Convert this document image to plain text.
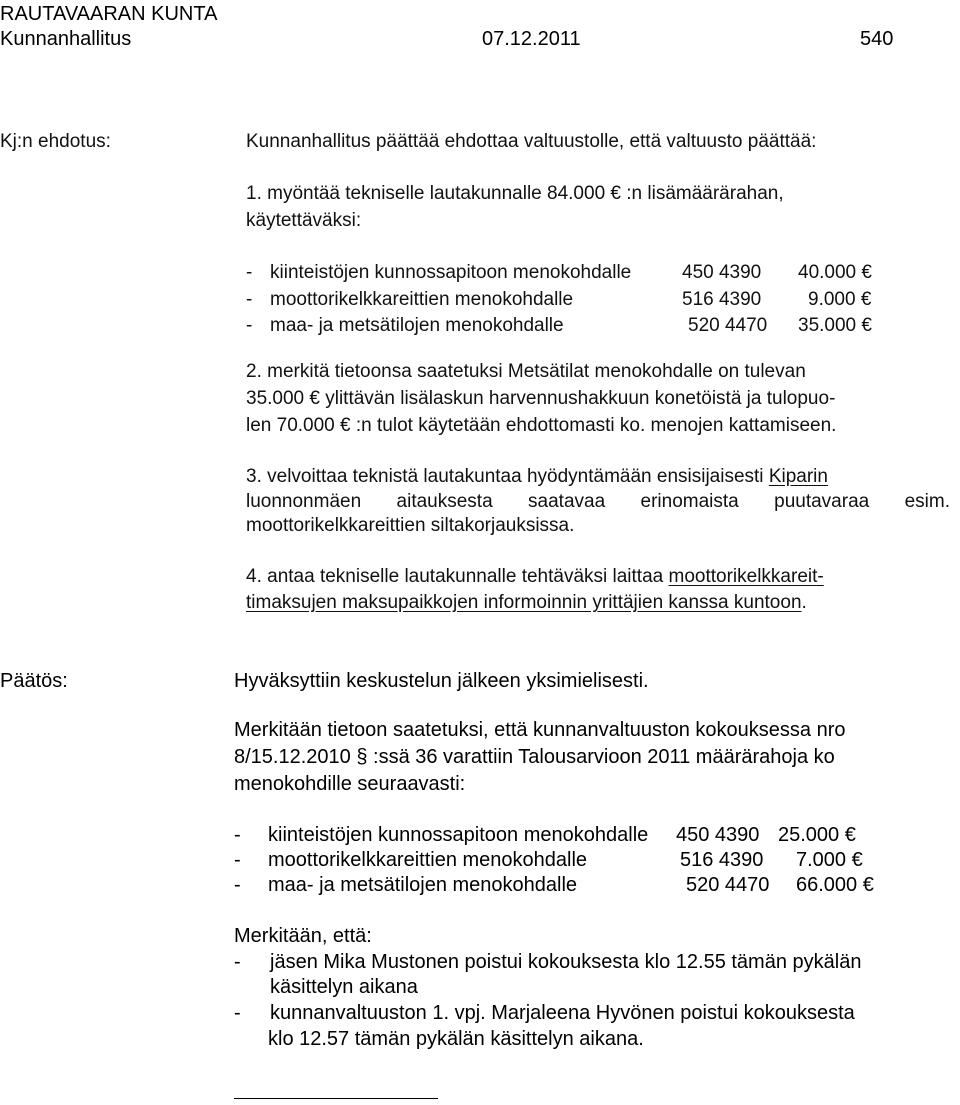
RAUTAVAARAN KUNTA
Kunnanhallitus	07.12.2011	540
Kj:n ehdotus:	Kunnanhallitus päättää ehdottaa valtuustolle, että valtuusto päättää:
1. myöntää tekniselle lautakunnalle 84.000 € :n lisämäärärahan,
käytettäväksi:
- kiinteistöjen kunnossapitoon menokohdalle	450 4390 40.000 €
- moottorikelkkareittien menokohdalle	516 4390 9.000 €
- maa- ja metsätilojen menokohdalle	520 4470 35.000 €
2. merkitä tietoonsa saatetuksi Metsätilat menokohdalle on tulevan
35.000 € ylittävän lisälaskun harvennushakkuun konetöistä ja tulopuo-
len 70.000 € :n tulot käytetään ehdottomasti ko. menojen kattamiseen.
3. velvoittaa teknistä lautakuntaa hyödyntämään ensisijaisesti Kiparin
luonnonmäen aitauksesta saatavaa erinomaista puutavaraa esim.
moottorikelkkareittien siltakorjauksissa.
4. antaa tekniselle lautakunnalle tehtäväksi laittaa moottorikelkkareit-
timaksujen maksupaikkojen informoinnin yrittäjien kanssa kuntoon.
Päätös:	Hyväksyttiin keskustelun jälkeen yksimielisesti.
Merkitään tietoon saatetuksi, että kunnanvaltuuston kokouksessa nro
8/15.12.2010 § :ssä 36 varattiin Talousarvioon 2011 määrärahoja ko
menokohdille seuraavasti:
- kiinteistöjen kunnossapitoon menokohdalle 450 4390 25.000 €
- moottorikelkkareittien menokohdalle	516 4390 7.000 €
- maa- ja metsätilojen menokohdalle	520 4470 66.000 €
Merkitään, että:
- jäsen Mika Mustonen poistui kokouksesta klo 12.55 tämän pykälän
käsittelyn aikana
- kunnanvaltuuston 1. vpj. Marjaleena Hyvönen poistui kokouksesta
klo 12.57 tämän pykälän käsittelyn aikana.
